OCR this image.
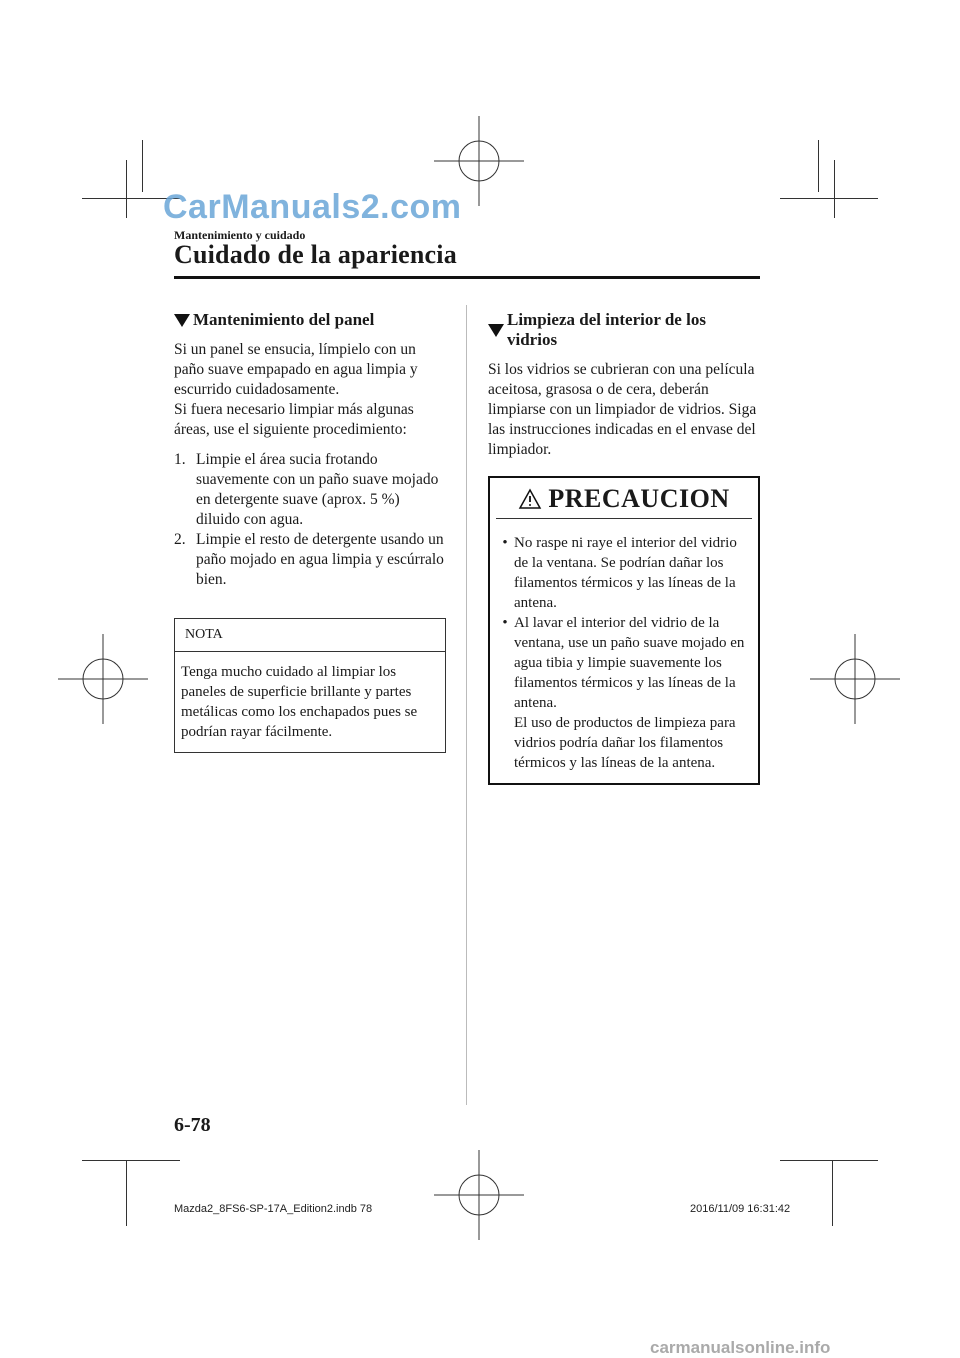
CarManuals2.com
Mantenimiento y cuidado
Cuidado de la apariencia
Mantenimiento del panel

Si un panel se ensucia, límpielo con un paño suave empapado en agua limpia y escurrido cuidadosamente.

Si fuera necesario limpiar más algunas áreas, use el siguiente procedimiento:

1. Limpie el área sucia frotando suavemente con un paño suave mojado en detergente suave (aprox. 5 %) diluido con agua.
2. Limpie el resto de detergente usando un paño mojado en agua limpia y escúrralo bien.
NOTA
Tenga mucho cuidado al limpiar los paneles de superficie brillante y partes metálicas como los enchapados pues se podrían rayar fácilmente.
Limpieza del interior de los vidrios

Si los vidrios se cubrieran con una película aceitosa, grasosa o de cera, deberán limpiarse con un limpiador de vidrios. Siga las instrucciones indicadas en el envase del limpiador.

PRECAUCION
• No raspe ni raye el interior del vidrio de la ventana. Se podrían dañar los filamentos térmicos y las líneas de la antena.
• Al lavar el interior del vidrio de la ventana, use un paño suave mojado en agua tibia y limpie suavemente los filamentos térmicos y las líneas de la antena.
El uso de productos de limpieza para vidrios podría dañar los filamentos térmicos y las líneas de la antena.
6-78
Mazda2_8FS6-SP-17A_Edition2.indb 78	2016/11/09 16:31:42
carmanualsonline.info
